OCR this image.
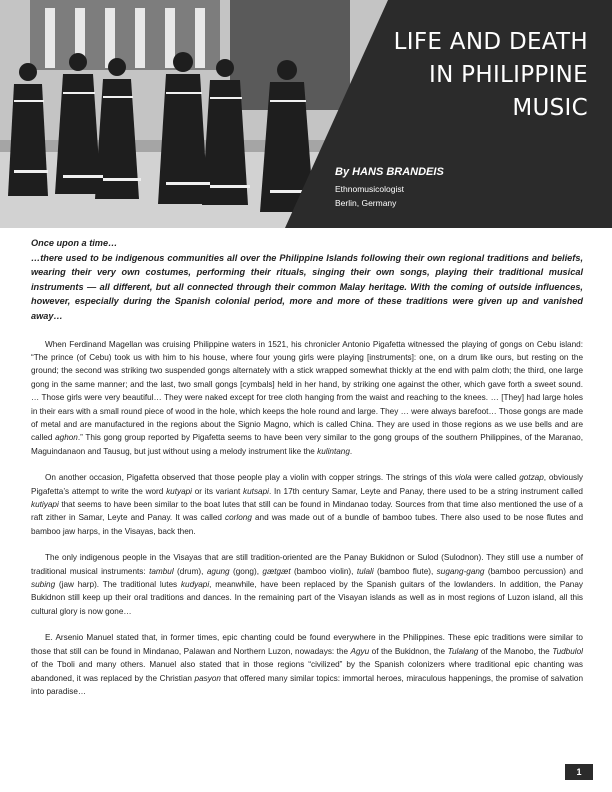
LIFE AND DEATH
IN PHILIPPINE
MUSIC
By HANS BRANDEIS
Ethnomusicologist
Berlin, Germany
Once upon a time…
…there used to be indigenous communities all over the Philippine Islands following their own regional traditions and beliefs, wearing their very own costumes, performing their rituals, singing their own songs, playing their traditional musical instruments — all different, but all connected through their common Malay heritage. With the coming of outside influences, however, especially during the Spanish colonial period, more and more of these traditions were given up and vanished away…

When Ferdinand Magellan was cruising Philippine waters in 1521, his chronicler Antonio Pigafetta witnessed the playing of gongs on Cebu island: “The prince (of Cebu) took us with him to his house, where four young girls were playing [instruments]: one, on a drum like ours, but resting on the ground; the second was striking two suspended gongs alternately with a stick wrapped somewhat thickly at the end with palm cloth; the third, one large gong in the same manner; and the last, two small gongs [cymbals] held in her hand, by striking one against the other, which gave forth a sweet sound. … Those girls were very beautiful… They were naked except for tree cloth hanging from the waist and reaching to the knees. … [They] had large holes in their ears with a small round piece of wood in the hole, which keeps the hole round and large. They … were always barefoot… Those gongs are made of metal and are manufactured in the regions about the Signio Magno, which is called China. They are used in those regions as we use bells and are called aghon.” This gong group reported by Pigafetta seems to have been very similar to the gong groups of the southern Philippines, of the Maranao, Maguindanaon and Tausug, but just without using a melody instrument like the kulintang.

On another occasion, Pigafetta observed that those people play a violin with copper strings. The strings of this viola were called gotzap, obviously Pigafetta’s attempt to write the word kutyapi or its variant kutsapi. In 17th century Samar, Leyte and Panay, there used to be a string instrument called kutiyapi that seems to have been similar to the boat lutes that still can be found in Mindanao today. Sources from that time also mentioned the use of a raft zither in Samar, Leyte and Panay. It was called corlong and was made out of a bundle of bamboo tubes. There also used to be nose flutes and bamboo jaw harps, in the Visayas, back then.

The only indigenous people in the Visayas that are still tradition-oriented are the Panay Bukidnon or Sulod (Sulodnon). They still use a number of traditional musical instruments: tambul (drum), agung (gong), gætgæt (bamboo violin), tulali (bamboo flute), sugang-gang (bamboo percussion) and subing (jaw harp). The traditional lutes kudyapi, meanwhile, have been replaced by the Spanish guitars of the lowlanders. In addition, the Panay Bukidnon still keep up their oral traditions and dances. In the remaining part of the Visayan islands as well as in most regions of Luzon island, all this cultural glory is now gone…

E. Arsenio Manuel stated that, in former times, epic chanting could be found everywhere in the Philippines. These epic traditions were similar to those that still can be found in Mindanao, Palawan and Northern Luzon, nowadays: the Agyu of the Bukidnon, the Tulalang of the Manobo, the Tudbulol of the Tboli and many others. Manuel also stated that in those regions “civilized” by the Spanish colonizers where traditional epic chanting was abandoned, it was replaced by the Christian pasyon that offered many similar topics: immortal heroes, miraculous happenings, the promise of salvation into paradise…

1
